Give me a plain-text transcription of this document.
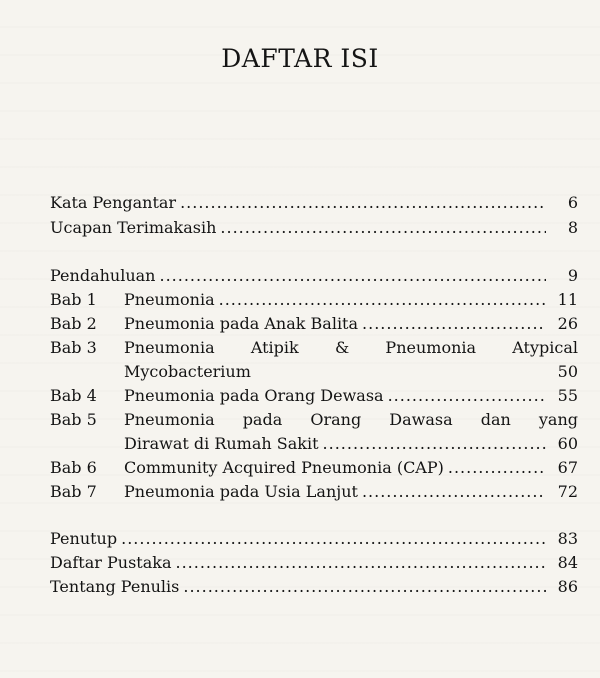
DAFTAR ISI
Kata Pengantar .....	6
Ucapan Terimakasih .....	8
Pendahuluan .....	9
Bab 1	Pneumonia .....	11
Bab 2	Pneumonia pada Anak Balita .....	26
Bab 3	Pneumonia Atipik & Pneumonia Atypical
Mycobacterium	50
Bab 4	Pneumonia pada Orang Dewasa .....	55
Bab 5	Pneumonia pada Orang Dawasa dan yang
Dirawat di Rumah Sakit .....	60
Bab 6	Community Acquired Pneumonia (CAP) .....	67
Bab 7	Pneumonia pada Usia Lanjut .....	72
Penutup .....	83
Daftar Pustaka .....	84
Tentang Penulis .....	86
